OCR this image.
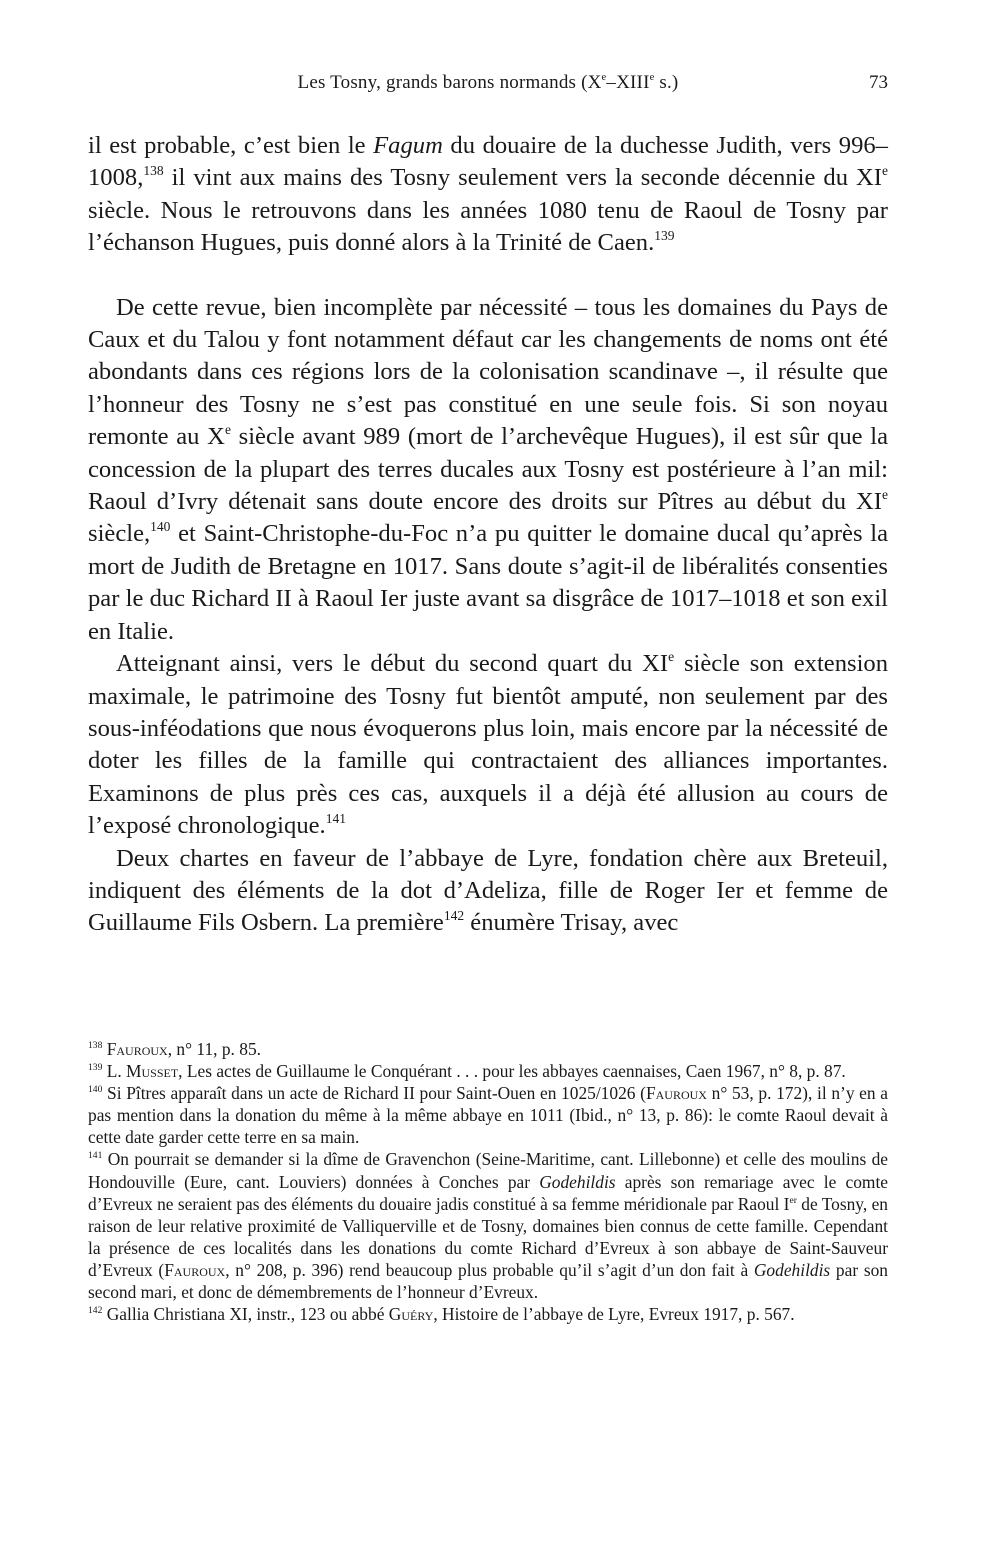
Les Tosny, grands barons normands (Xe–XIIIe s.)	73

il est probable, c’est bien le Fagum du douaire de la duchesse Judith, vers 996–1008,$^{138}$ il vint aux mains des Tosny seulement vers la seconde décennie du XIe siècle. Nous le retrouvons dans les années 1080 tenu de Raoul de Tosny par l’échanson Hugues, puis donné alors à la Trinité de Caen.$^{139}$

De cette revue, bien incomplète par nécessité – tous les domaines du Pays de Caux et du Talou y font notamment défaut car les changements de noms ont été abondants dans ces régions lors de la colonisation scandinave –, il résulte que l’honneur des Tosny ne s’est pas constitué en une seule fois. Si son noyau remonte au Xe siècle avant 989 (mort de l’archevêque Hugues), il est sûr que la concession de la plupart des terres ducales aux Tosny est postérieure à l’an mil: Raoul d’Ivry détenait sans doute encore des droits sur Pîtres au début du XIe siècle,$^{140}$ et Saint-Christophe-du-Foc n’a pu quitter le domaine ducal qu’après la mort de Judith de Bretagne en 1017. Sans doute s’agit-il de libéralités consenties par le duc Richard II à Raoul Ier juste avant sa disgrâce de 1017–1018 et son exil en Italie.

Atteignant ainsi, vers le début du second quart du XIe siècle son extension maximale, le patrimoine des Tosny fut bientôt amputé, non seulement par des sous-inféodations que nous évoquerons plus loin, mais encore par la nécessité de doter les filles de la famille qui contractaient des alliances importantes. Examinons de plus près ces cas, auxquels il a déjà été allusion au cours de l’exposé chronologique.$^{141}$

Deux chartes en faveur de l’abbaye de Lyre, fondation chère aux Breteuil, indiquent des éléments de la dot d’Adeliza, fille de Roger Ier et femme de Guillaume Fils Osbern. La première$^{142}$ énumère Trisay, avec

$^{138}$ Fauroux, n° 11, p. 85.

$^{139}$ L. Musset, Les actes de Guillaume le Conquérant . . . pour les abbayes caennaises, Caen 1967, n° 8, p. 87.

$^{140}$ Si Pîtres apparaît dans un acte de Richard II pour Saint-Ouen en 1025/1026 (Fauroux n° 53, p. 172), il n’y en a pas mention dans la donation du même à la même abbaye en 1011 (Ibid., n° 13, p. 86): le comte Raoul devait à cette date garder cette terre en sa main.

$^{141}$ On pourrait se demander si la dîme de Gravenchon (Seine-Maritime, cant. Lillebonne) et celle des moulins de Hondouville (Eure, cant. Louviers) données à Conches par Godehildis après son remariage avec le comte d’Evreux ne seraient pas des éléments du douaire jadis constitué à sa femme méridionale par Raoul Ier de Tosny, en raison de leur relative proximité de Valliquerville et de Tosny, domaines bien connus de cette famille. Cependant la présence de ces localités dans les donations du comte Richard d’Evreux à son abbaye de Saint-Sauveur d’Evreux (Fauroux, n° 208, p. 396) rend beaucoup plus probable qu’il s’agit d’un don fait à Godehildis par son second mari, et donc de démembrements de l’honneur d’Evreux.

$^{142}$ Gallia Christiana XI, instr., 123 ou abbé Guéry, Histoire de l’abbaye de Lyre, Evreux 1917, p. 567.
